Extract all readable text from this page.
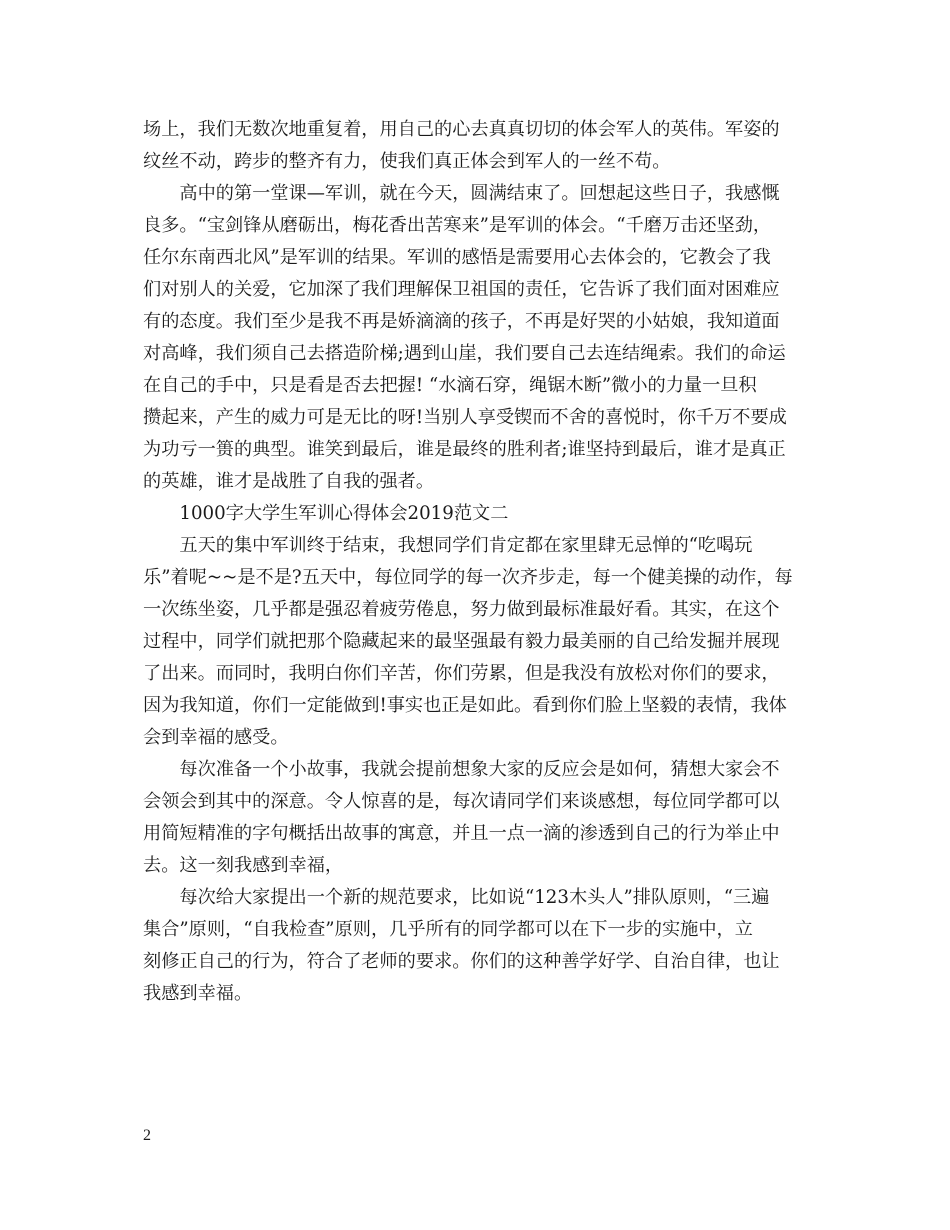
场上，我们无数次地重复着，用自己的心去真真切切的体会军人的英伟。军姿的
纹丝不动，跨步的整齐有力，使我们真正体会到军人的一丝不苟。
　　高中的第一堂课—军训，就在今天，圆满结束了。回想起这些日子，我感慨
良多。“宝剑锋从磨砺出，梅花香出苦寒来”是军训的体会。“千磨万击还坚劲，
任尔东南西北风”是军训的结果。军训的感悟是需要用心去体会的，它教会了我
们对别人的关爱，它加深了我们理解保卫祖国的责任，它告诉了我们面对困难应
有的态度。我们至少是我不再是娇滴滴的孩子，不再是好哭的小姑娘，我知道面
对高峰，我们须自己去搭造阶梯;遇到山崖，我们要自己去连结绳索。我们的命运
在自己的手中，只是看是否去把握! “水滴石穿，绳锯木断”微小的力量一旦积
攒起来，产生的威力可是无比的呀!当别人享受锲而不舍的喜悦时，你千万不要成
为功亏一篑的典型。谁笑到最后，谁是最终的胜利者;谁坚持到最后，谁才是真正
的英雄，谁才是战胜了自我的强者。
　　1000字大学生军训心得体会2019范文二
　　五天的集中军训终于结束，我想同学们肯定都在家里肆无忌惮的“吃喝玩
乐”着呢~~是不是?五天中，每位同学的每一次齐步走，每一个健美操的动作，每
一次练坐姿，几乎都是强忍着疲劳倦息，努力做到最标准最好看。其实，在这个
过程中，同学们就把那个隐藏起来的最坚强最有毅力最美丽的自己给发掘并展现
了出来。而同时，我明白你们辛苦，你们劳累，但是我没有放松对你们的要求，
因为我知道，你们一定能做到!事实也正是如此。看到你们脸上坚毅的表情，我体
会到幸福的感受。
　　每次准备一个小故事，我就会提前想象大家的反应会是如何，猜想大家会不
会领会到其中的深意。令人惊喜的是，每次请同学们来谈感想，每位同学都可以
用简短精准的字句概括出故事的寓意，并且一点一滴的渗透到自己的行为举止中
去。这一刻我感到幸福，
　　每次给大家提出一个新的规范要求，比如说“123木头人”排队原则，“三遍
集合”原则，“自我检查”原则，几乎所有的同学都可以在下一步的实施中，立
刻修正自己的行为，符合了老师的要求。你们的这种善学好学、自治自律，也让
我感到幸福。
2
